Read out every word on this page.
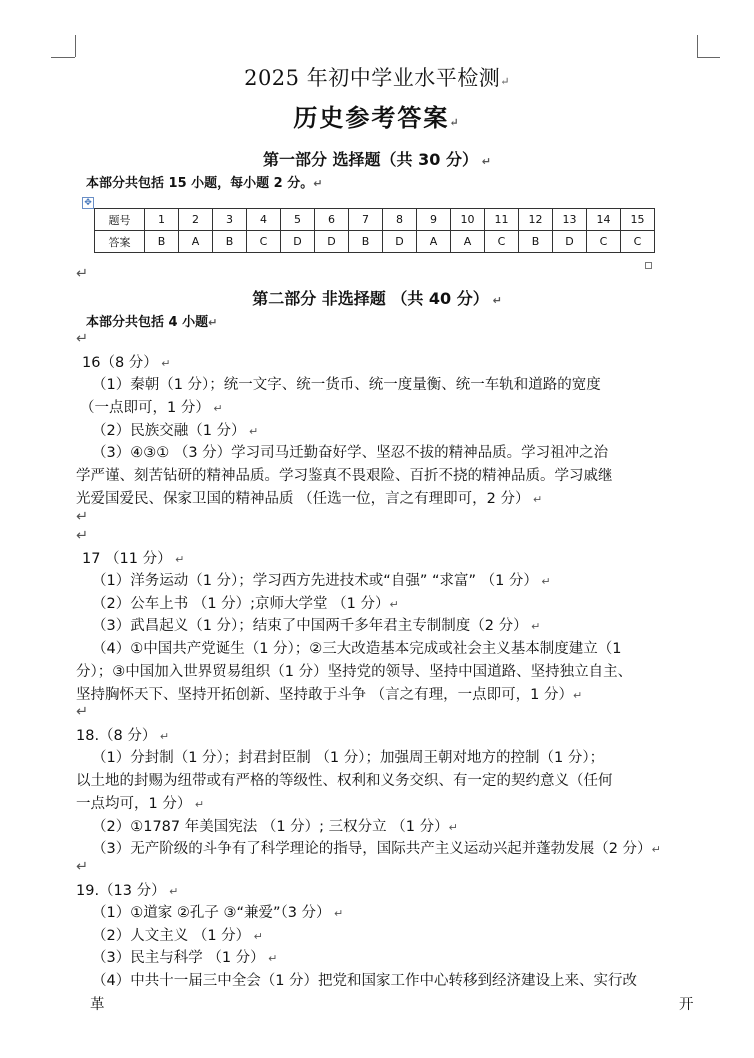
2025 年初中学业水平检测↵
历史参考答案↵
第一部分 选择题（共 30 分） ↵
本部分共包括 15 小题，每小题 2 分。↵
✥
题号	1	2	3	4	5	6	7	8	9	10	11	12	13	14	15
答案	B	A	B	C	D	D	B	D	A	A	C	B	D	C	C
↵
第二部分 非选择题 （共 40 分） ↵
本部分共包括 4 小题↵
↵
16（8 分） ↵
（1）秦朝（1 分）；统一文字、统一货币、统一度量衡、统一车轨和道路的宽度
（一点即可，1 分） ↵
（2）民族交融（1 分） ↵
（3）④③① （3 分）学习司马迁勤奋好学、坚忍不拔的精神品质。学习祖冲之治
学严谨、刻苦钻研的精神品质。学习鉴真不畏艰险、百折不挠的精神品质。学习戚继
光爱国爱民、保家卫国的精神品质 （任选一位，言之有理即可，2 分） ↵
↵
↵
17 （11 分） ↵
（1）洋务运动（1 分）；学习西方先进技术或“自强” “求富” （1 分） ↵
（2）公车上书 （1 分）;京师大学堂 （1 分）↵
（3）武昌起义（1 分）；结束了中国两千多年君主专制制度（2 分） ↵
（4）①中国共产党诞生（1 分）；②三大改造基本完成或社会主义基本制度建立（1
分）；③中国加入世界贸易组织（1 分）坚持党的领导、坚持中国道路、坚持独立自主、
坚持胸怀天下、坚持开拓创新、坚持敢于斗争 （言之有理，一点即可，1 分）↵
↵
18.（8 分） ↵
（1）分封制（1 分）；封君封臣制 （1 分）；加强周王朝对地方的控制（1 分）；
以土地的封赐为纽带或有严格的等级性、权利和义务交织、有一定的契约意义（任何
一点均可，1 分） ↵
（2）①1787 年美国宪法 （1 分）; 三权分立 （1 分）↵
（3）无产阶级的斗争有了科学理论的指导，国际共产主义运动兴起并蓬勃发展（2 分）↵
↵
19.（13 分） ↵
（1）①道家 ②孔子 ③“兼爱”（3 分） ↵
（2）人文主义 （1 分） ↵
（3）民主与科学 （1 分） ↵
（4）中共十一届三中全会（1 分）把党和国家工作中心转移到经济建设上来、实行改
革	开
